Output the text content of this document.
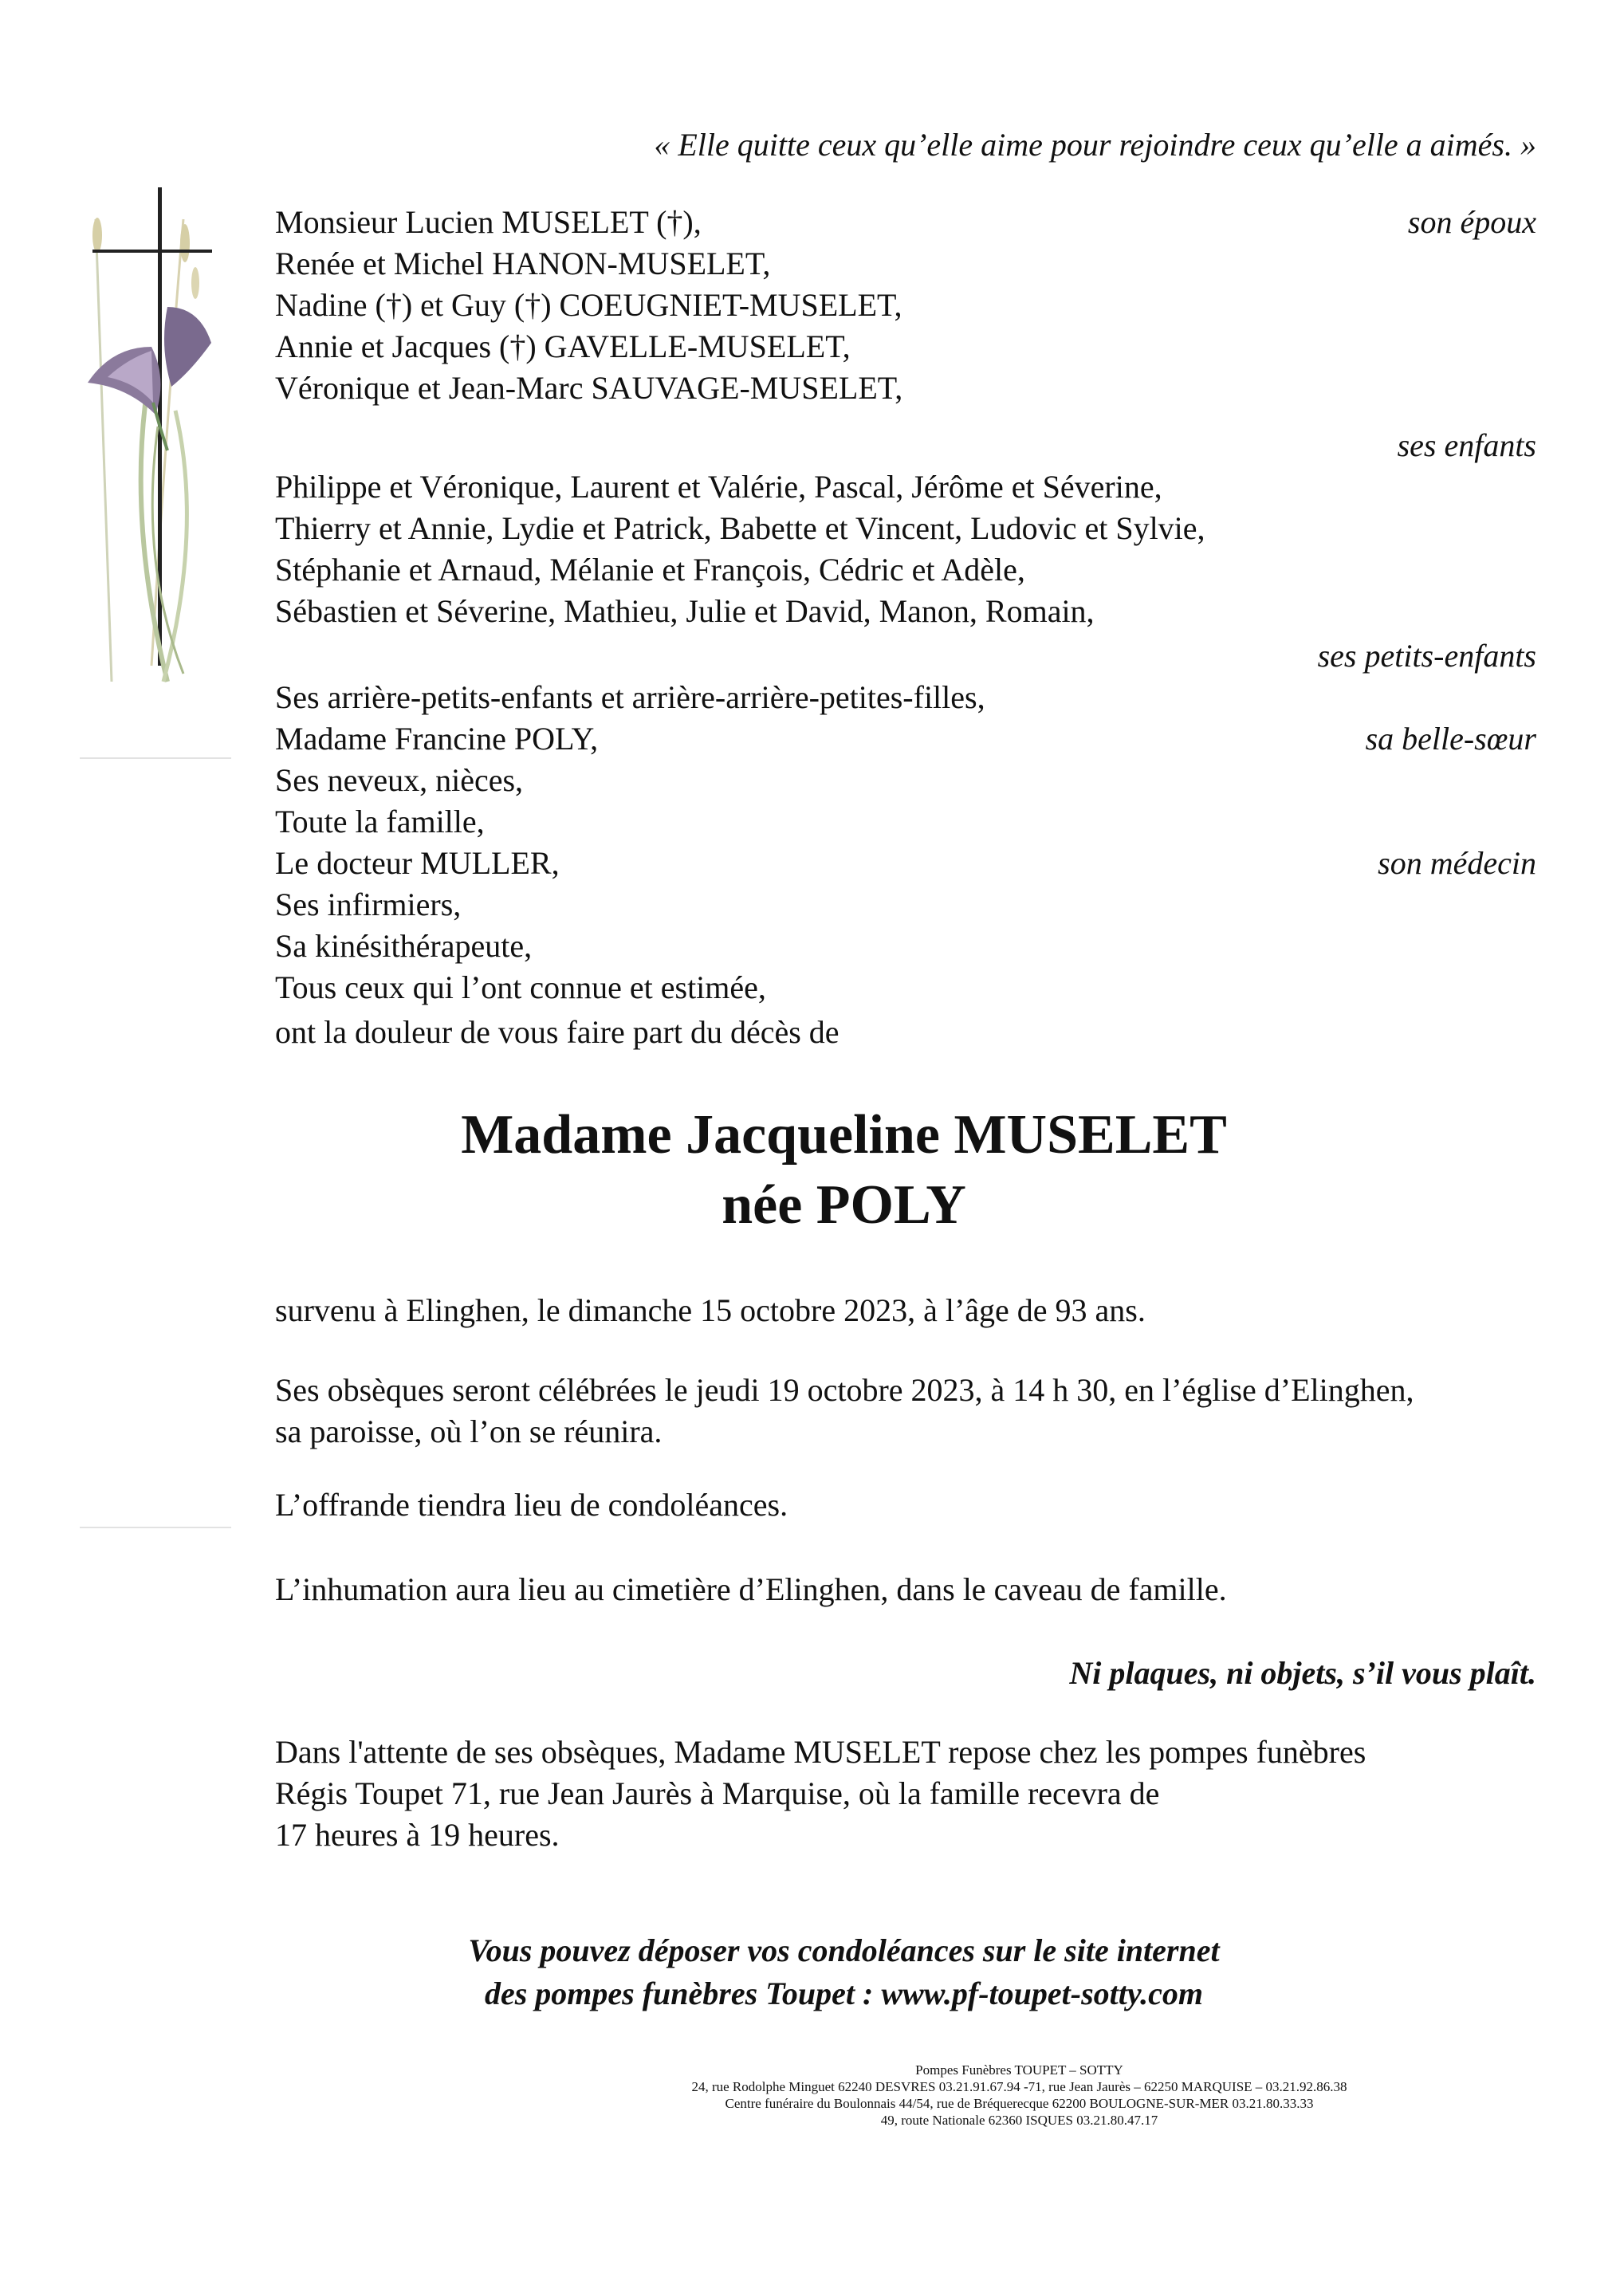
« Elle quitte ceux qu’elle aime pour rejoindre ceux qu’elle a aimés. »
Monsieur Lucien MUSELET (†),	son époux
Renée et Michel HANON-MUSELET,
Nadine (†) et Guy (†) COEUGNIET-MUSELET,
Annie et Jacques (†) GAVELLE-MUSELET,
Véronique et Jean-Marc SAUVAGE-MUSELET,
ses enfants
Philippe et Véronique, Laurent et Valérie, Pascal, Jérôme et Séverine,
Thierry et Annie, Lydie et Patrick, Babette et Vincent, Ludovic et Sylvie,
Stéphanie et Arnaud, Mélanie et François, Cédric et Adèle,
Sébastien et Séverine, Mathieu, Julie et David, Manon, Romain,
ses petits-enfants
Ses arrière-petits-enfants et arrière-arrière-petites-filles,
Madame Francine POLY,	sa belle-sœur
Ses neveux, nièces,
Toute la famille,
Le docteur MULLER,	son médecin
Ses infirmiers,
Sa kinésithérapeute,
Tous ceux qui l’ont connue et estimée,
ont la douleur de vous faire part du décès de
Madame Jacqueline MUSELET
née POLY
survenu à Elinghen, le dimanche 15 octobre 2023, à l’âge de 93 ans.
Ses obsèques seront célébrées le jeudi 19 octobre 2023, à 14 h 30, en l’église d’Elinghen,
sa paroisse, où l’on se réunira.
L’offrande tiendra lieu de condoléances.
L’inhumation aura lieu au cimetière d’Elinghen, dans le caveau de famille.
Ni plaques, ni objets, s’il vous plaît.
Dans l'attente de ses obsèques, Madame MUSELET repose chez les pompes funèbres
Régis Toupet 71, rue Jean Jaurès à Marquise, où la famille recevra de
17 heures à 19 heures.
Vous pouvez déposer vos condoléances sur le site internet
des pompes funèbres Toupet : www.pf-toupet-sotty.com
Pompes Funèbres TOUPET – SOTTY
24, rue Rodolphe Minguet 62240 DESVRES 03.21.91.67.94 -71, rue Jean Jaurès – 62250 MARQUISE – 03.21.92.86.38
Centre funéraire du Boulonnais 44/54, rue de Bréquerecque 62200 BOULOGNE-SUR-MER 03.21.80.33.33
49, route Nationale 62360 ISQUES 03.21.80.47.17
